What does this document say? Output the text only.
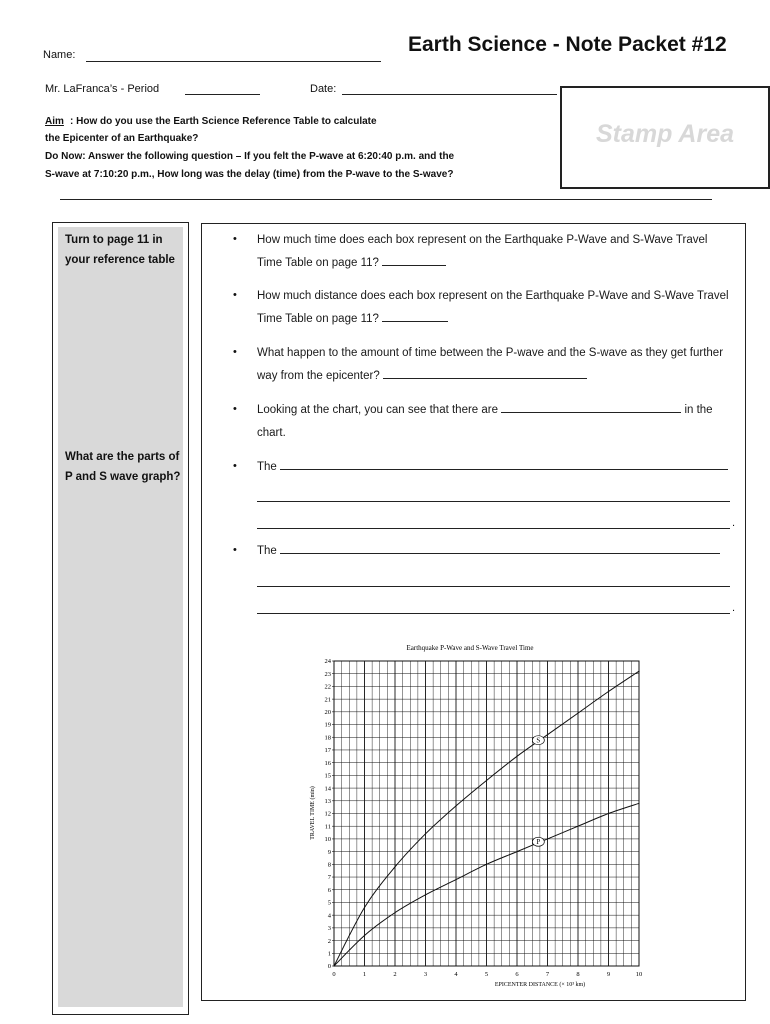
Earth Science - Note Packet #12
Name:
Mr. LaFranca’s - Period	Date:
Stamp Area
Aim : How do you use the Earth Science Reference Table to calculate
the Epicenter of an Earthquake?
Do Now: Answer the following question – If you felt the P-wave at 6:20:40 p.m. and the
S-wave at 7:10:20 p.m., How long was the delay (time) from the P-wave to the S-wave?
Turn to page 11 in your reference table
What are the parts of P and S wave graph?
• How much time does each box represent on the Earthquake P-Wave and S-Wave Travel Time Table on page 11?
• How much distance does each box represent on the Earthquake P-Wave and S-Wave Travel Time Table on page 11?
• What happen to the amount of time between the P-wave and the S-wave as they get further way from the epicenter?
• Looking at the chart, you can see that there are	in the chart.
• The
.
• The
.
Earthquake P-Wave and S-Wave Travel Time
0
1
2
3
4
5
6
7
8
9
10
11
12
13
14
15
16
17
18
19
20
21
22
23
24
0	1	2	3	4	5	6	7	8	9	10
S
P
EPICENTER DISTANCE (× 10³ km)
TRAVEL TIME (min)
